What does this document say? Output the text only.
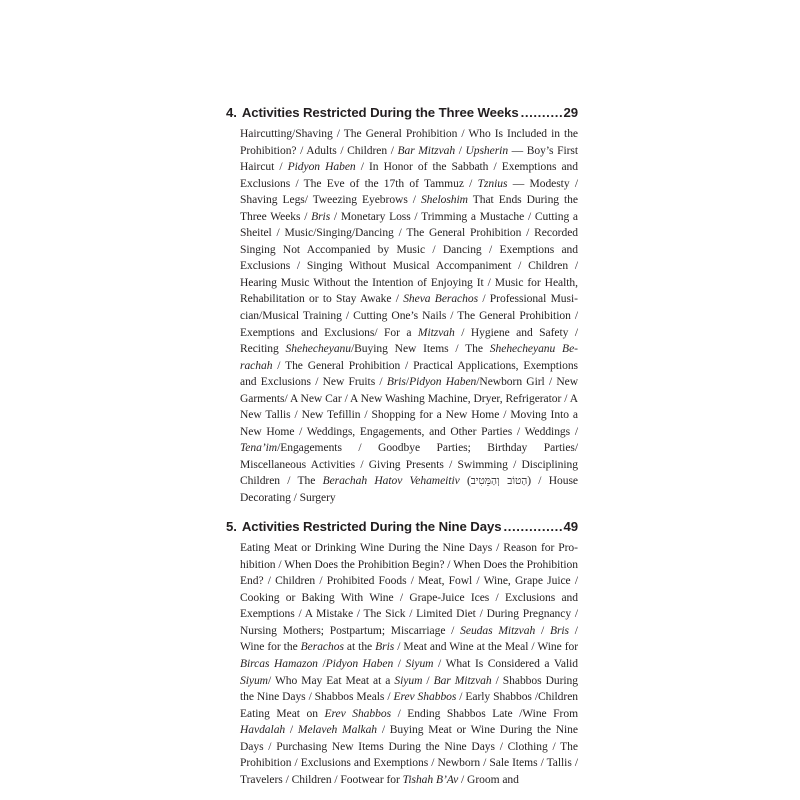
4. Activities Restricted During the Three Weeks .....	29

Haircutting/Shaving / The General Prohibition / Who Is Included in the Prohibition? / Adults / Children / Bar Mitzvah / Upsherin — Boy’s First Haircut / Pidyon Haben / In Honor of the Sabbath / Exemptions and Exclusions / The Eve of the 17th of Tammuz / Tznius — Modesty / Shaving Legs/ Tweezing Eyebrows / Sheloshim That Ends During the Three Weeks / Bris / Monetary Loss / Trimming a Mustache / Cutting a Sheitel / Music/Singing/Dancing / The General Prohibition / Recorded Singing Not Accompanied by Music / Dancing / Exemptions and Exclusions / Singing Without Musical Accompaniment / Children / Hearing Music Without the Intention of Enjoying It / Music for Health, Rehabilitation or to Stay Awake / Sheva Berachos / Professional Musician/Musical Training / Cutting One’s Nails / The General Prohibition / Exemptions and Exclusions/ For a Mitzvah / Hygiene and Safety / Reciting Shehecheyanu/Buying New Items / The Shehecheyanu Berachah / The General Prohibition / Practical Applications, Exemptions and Exclusions / New Fruits / Bris/Pidyon Haben/Newborn Girl / New Garments/ A New Car / A New Washing Machine, Dryer, Refrigerator / A New Tallis / New Tefillin / Shopping for a New Home / Moving Into a New Home / Weddings, Engagements, and Other Parties / Weddings / Tena’im/Engagements / Goodbye Parties; Birthday Parties/ Miscellaneous Activities / Giving Presents / Swimming / Disciplining Children / The Berachah Hatov Vehameitiv (הַטוֹב וְהַמֵּטִיב) / House Decorating / Surgery

5. Activities Restricted During the Nine Days .....	49

Eating Meat or Drinking Wine During the Nine Days / Reason for Prohibition / When Does the Prohibition Begin? / When Does the Prohibition End? / Children / Prohibited Foods / Meat, Fowl / Wine, Grape Juice / Cooking or Baking With Wine / Grape-Juice Ices / Exclusions and Exemptions / A Mistake / The Sick / Limited Diet / During Pregnancy / Nursing Mothers; Postpartum; Miscarriage / Seudas Mitzvah / Bris / Wine for the Berachos at the Bris / Meat and Wine at the Meal / Wine for Bircas Hamazon /Pidyon Haben / Siyum / What Is Considered a Valid Siyum/ Who May Eat Meat at a Siyum / Bar Mitzvah / Shabbos During the Nine Days / Shabbos Meals / Erev Shabbos / Early Shabbos /Children Eating Meat on Erev Shabbos / Ending Shabbos Late /Wine From Havdalah / Melaveh Malkah / Buying Meat or Wine During the Nine Days / Purchasing New Items During the Nine Days / Clothing / The Prohibition / Exclusions and Exemptions / Newborn / Sale Items / Tallis / Travelers / Children / Footwear for Tishah B’Av / Groom and
